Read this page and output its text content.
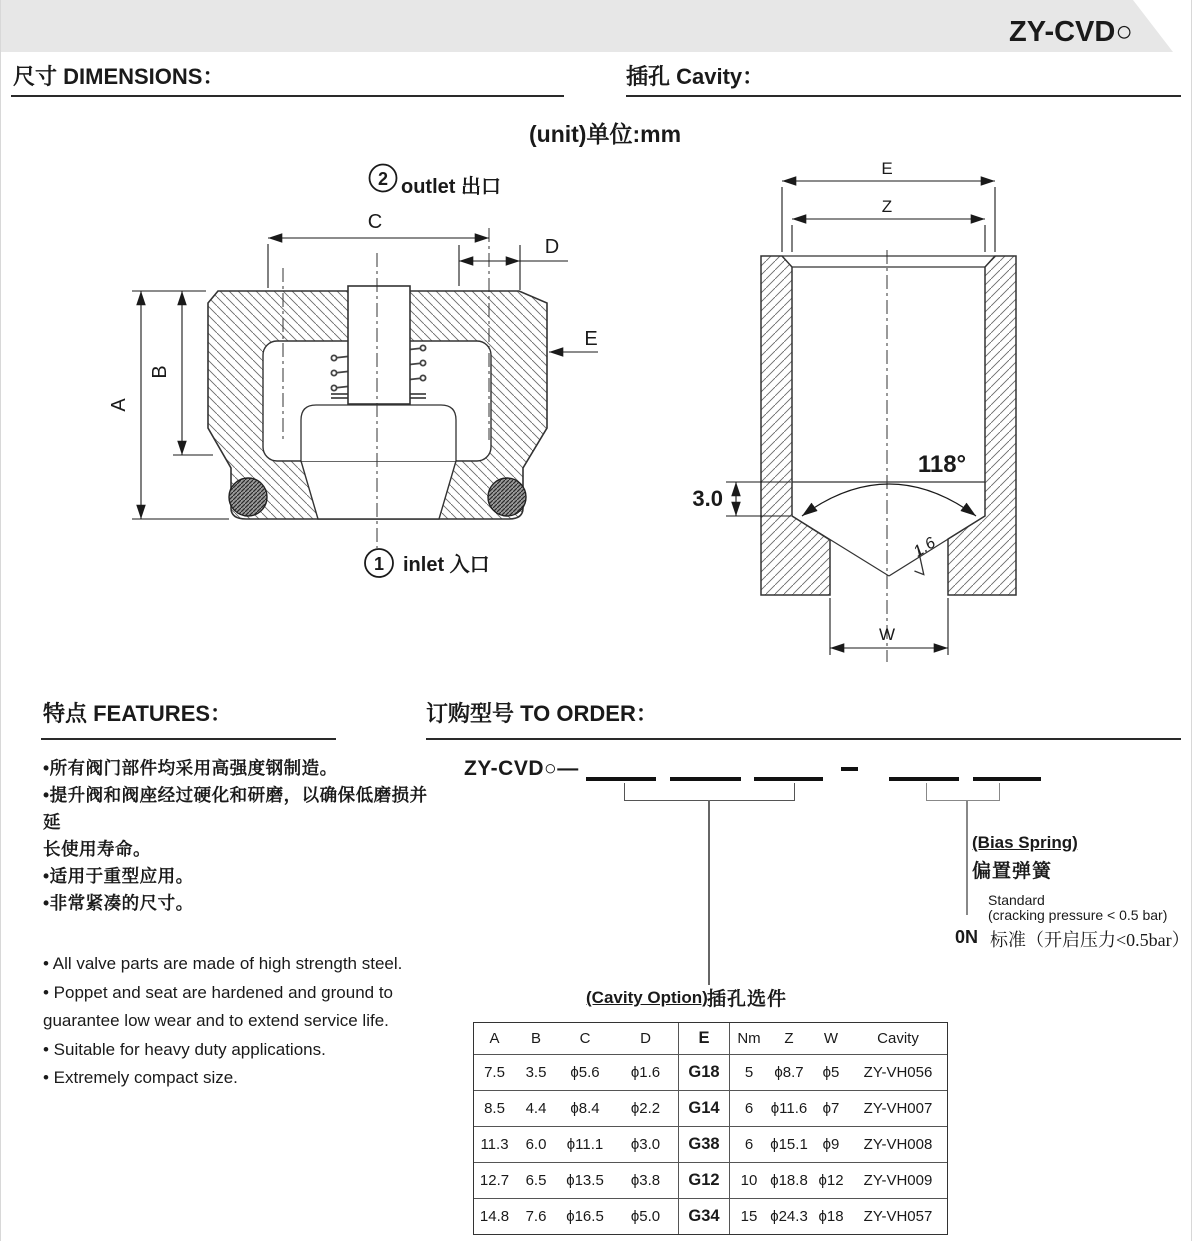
ZY-CVD○
尺寸 DIMENSIONS：	插孔 Cavity：
(unit)单位:mm
C
D
A
B
E
2 outlet 出口
1 inlet 入口
118°
3.0
1.6
E
Z
W
特点 FEATURES：
•所有阀门部件均采用高强度钢制造。
•提升阀和阀座经过硬化和研磨，以确保低磨损并延
长使用寿命。
•适用于重型应用。
•非常紧凑的尺寸。
• All valve parts are made of high strength steel.
• Poppet and seat are hardened and ground to
guarantee low wear and to extend service life.
• Suitable for heavy duty applications.
• Extremely compact size.
订购型号 TO ORDER：
ZY-CVD○—
(Bias Spring)
偏置弹簧
Standard
(cracking pressure < 0.5 bar)
0N 标准（开启压力<0.5bar）
(Cavity Option) 插孔选件
A	B	C	D	E	Nm	Z	W	Cavity
7.5	3.5	ϕ5.6	ϕ1.6	G18	5	ϕ8.7	ϕ5	ZY-VH056
8.5	4.4	ϕ8.4	ϕ2.2	G14	6	ϕ11.6	ϕ7	ZY-VH007
11.3	6.0	ϕ11.1	ϕ3.0	G38	6	ϕ15.1 ϕ9	ZY-VH008
12.7	6.5	ϕ13.5	ϕ3.8	G12	10 ϕ18.8 ϕ12	ZY-VH009
14.8	7.6	ϕ16.5	ϕ5.0	G34	15 ϕ24.3 ϕ18	ZY-VH057
